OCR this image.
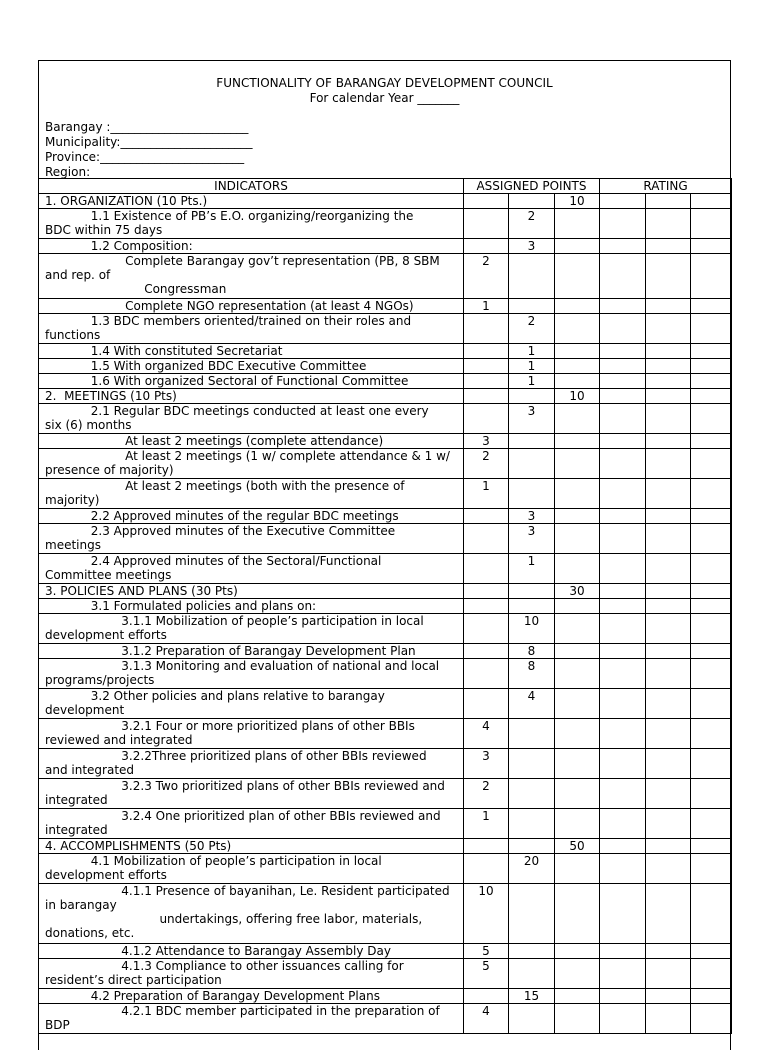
FUNCTIONALITY OF BARANGAY DEVELOPMENT COUNCIL
For calendar Year _______
Barangay :_______________________
Municipality:______________________
Province:________________________
Region:__________________________
INDICATORS	ASSIGNED POINTS			RATING		
1. ORGANIZATION (10 Pts.)			10			
1.1 Existence of PB’s E.O. organizing/reorganizing the
BDC within 75 days		2				
1.2 Composition:		3				
Complete Barangay gov’t representation (PB, 8 SBM
and rep. of
Congressman	2					
Complete NGO representation (at least 4 NGOs)	1					
1.3 BDC members oriented/trained on their roles and
functions		2				
1.4 With constituted Secretariat		1				
1.5 With organized BDC Executive Committee		1				
1.6 With organized Sectoral of Functional Committee		1				
2.  MEETINGS (10 Pts)			10			
2.1 Regular BDC meetings conducted at least one every
six (6) months		3				
At least 2 meetings (complete attendance)	3					
At least 2 meetings (1 w/ complete attendance & 1 w/
presence of majority)	2					
At least 2 meetings (both with the presence of
majority)	1					
2.2 Approved minutes of the regular BDC meetings		3				
2.3 Approved minutes of the Executive Committee
meetings		3				
2.4 Approved minutes of the Sectoral/Functional
Committee meetings		1				
3. POLICIES AND PLANS (30 Pts)			30			
3.1 Formulated policies and plans on:						
3.1.1 Mobilization of people’s participation in local
development efforts		10				
3.1.2 Preparation of Barangay Development Plan		8				
3.1.3 Monitoring and evaluation of national and local
programs/projects		8				
3.2 Other policies and plans relative to barangay
development		4				
3.2.1 Four or more prioritized plans of other BBIs
reviewed and integrated	4					
3.2.2Three prioritized plans of other BBIs reviewed
and integrated	3					
3.2.3 Two prioritized plans of other BBIs reviewed and
integrated	2					
3.2.4 One prioritized plan of other BBIs reviewed and
integrated	1					
4. ACCOMPLISHMENTS (50 Pts)			50			
4.1 Mobilization of people’s participation in local
development efforts		20				
4.1.1 Presence of bayanihan, Le. Resident participated
in barangay
undertakings, offering free labor, materials,
donations, etc.	10					
4.1.2 Attendance to Barangay Assembly Day	5					
4.1.3 Compliance to other issuances calling for
resident’s direct participation	5					
4.2 Preparation of Barangay Development Plans		15				
4.2.1 BDC member participated in the preparation of
BDP	4					
